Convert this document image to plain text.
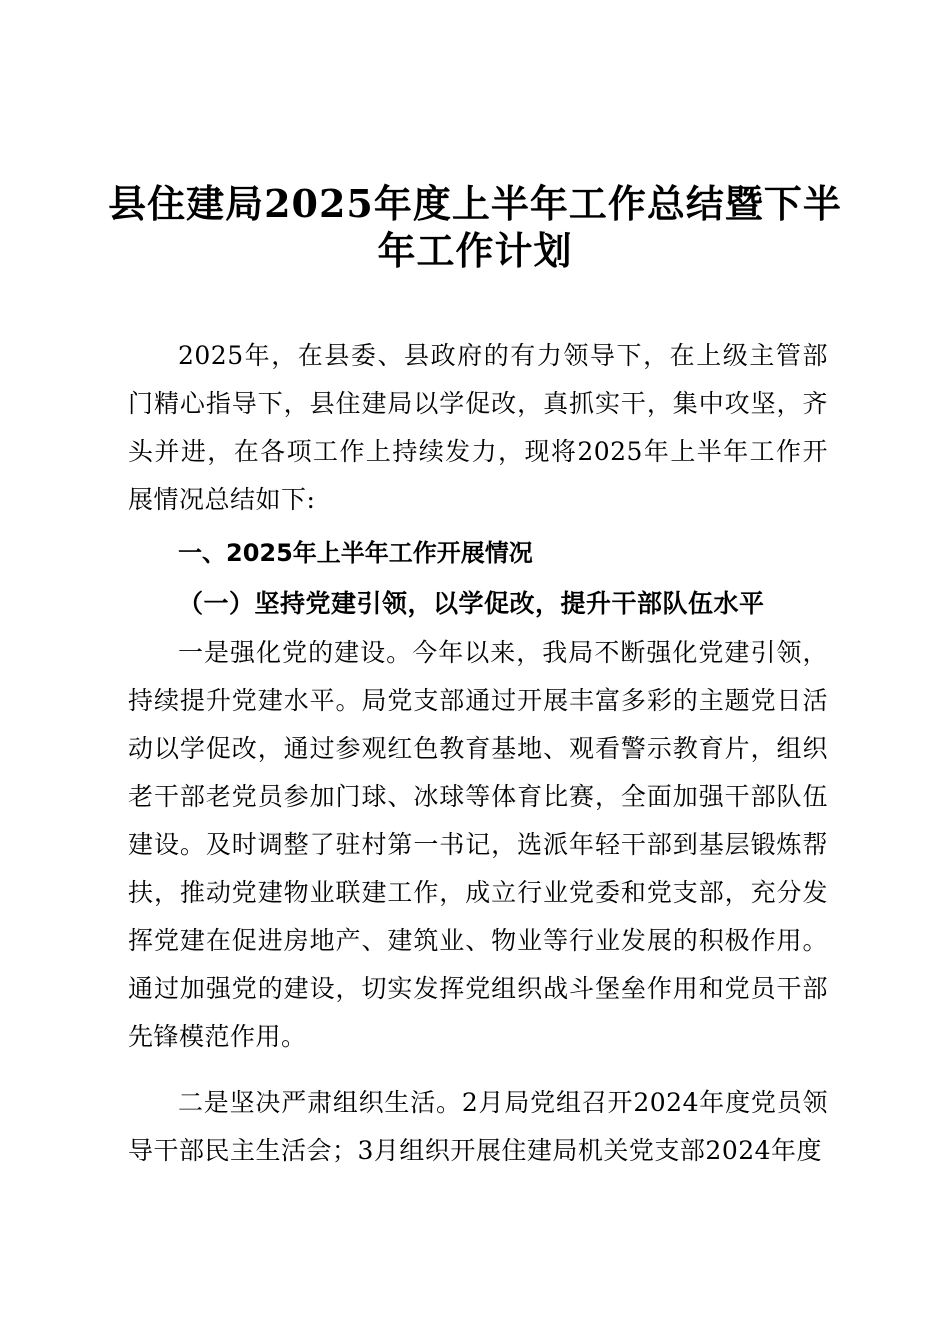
县住建局2025年度上半年工作总结暨下半年工作计划

2025年，在县委、县政府的有力领导下，在上级主管部门精心指导下，县住建局以学促改，真抓实干，集中攻坚，齐头并进，在各项工作上持续发力，现将2025年上半年工作开展情况总结如下:

一、2025年上半年工作开展情况
（一）坚持党建引领，以学促改，提升干部队伍水平

一是强化党的建设。今年以来，我局不断强化党建引领，持续提升党建水平。局党支部通过开展丰富多彩的主题党日活动以学促改，通过参观红色教育基地、观看警示教育片，组织老干部老党员参加门球、冰球等体育比赛，全面加强干部队伍建设。及时调整了驻村第一书记，选派年轻干部到基层锻炼帮扶，推动党建物业联建工作，成立行业党委和党支部，充分发挥党建在促进房地产、建筑业、物业等行业发展的积极作用。通过加强党的建设，切实发挥党组织战斗堡垒作用和党员干部先锋模范作用。

二是坚决严肃组织生活。2月局党组召开2024年度党员领导干部民主生活会；3月组织开展住建局机关党支部2024年度
